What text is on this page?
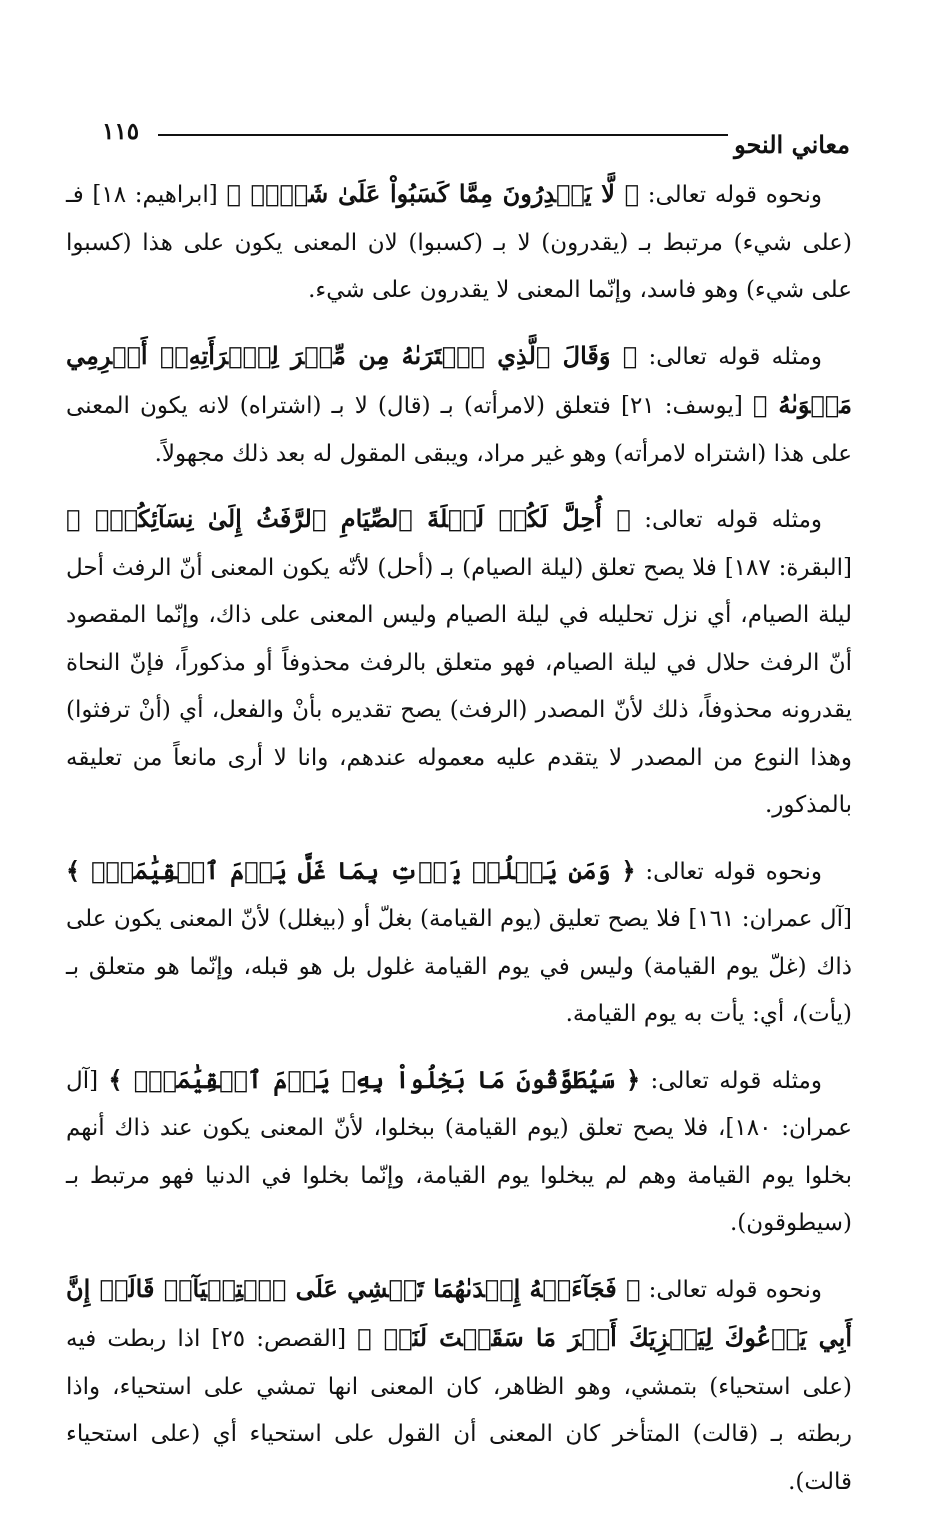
١١٥	معاني النحو

ونحوه قوله تعالى: ﴿ لَّا يَقۡدِرُونَ مِمَّا كَسَبُواْ عَلَىٰ شَيۡءٖ ﴾ [ابراهيم: ١٨] فـ (على شيء) مرتبط بـ (يقدرون) لا بـ (كسبوا) لان المعنى يكون على هذا (كسبوا على شيء) وهو فاسد، وإنّما المعنى لا يقدرون على شيء.

ومثله قوله تعالى: ﴿ وَقَالَ ٱلَّذِي ٱشۡتَرَىٰهُ مِن مِّصۡرَ لِٱمۡرَأَتِهِۦٓ أَكۡرِمِي مَثۡوَىٰهُ ﴾ [يوسف: ٢١] فتعلق (لامرأته) بـ (قال) لا بـ (اشتراه) لانه يكون المعنى على هذا (اشتراه لامرأته) وهو غير مراد، ويبقى المقول له بعد ذلك مجهولاً.

ومثله قوله تعالى: ﴿ أُحِلَّ لَكُمۡ لَيۡلَةَ ٱلصِّيَامِ ٱلرَّفَثُ إِلَىٰ نِسَآئِكُمۡۚ ﴾ [البقرة: ١٨٧] فلا يصح تعلق (ليلة الصيام) بـ (أحل) لأنّه يكون المعنى أنّ الرفث أحل ليلة الصيام، أي نزل تحليله في ليلة الصيام وليس المعنى على ذاك، وإنّما المقصود أنّ الرفث حلال في ليلة الصيام، فهو متعلق بالرفث محذوفاً أو مذكوراً، فإنّ النحاة يقدرونه محذوفاً، ذلك لأنّ المصدر (الرفث) يصح تقديره بأنْ والفعل، أي (أنْ ترفثوا) وهذا النوع من المصدر لا يتقدم عليه معموله عندهم، وانا لا أرى مانعاً من تعليقه بالمذكور.

ونحوه قوله تعالى: ﴿ وَمَن يَغۡلُلۡ يَأۡتِ بِمَا غَلَّ يَوۡمَ ٱلۡقِيَٰمَةِۚ ﴾ [آل عمران: ١٦١] فلا يصح تعليق (يوم القيامة) بغلّ أو (بيغلل) لأنّ المعنى يكون على ذاك (غلّ يوم القيامة) وليس في يوم القيامة غلول بل هو قبله، وإنّما هو متعلق بـ (يأت)، أي: يأت به يوم القيامة.

ومثله قوله تعالى: ﴿ سَيُطَوَّقُونَ مَا بَخِلُواْ بِهِۦ يَوۡمَ ٱلۡقِيَٰمَةِۗ ﴾ [آل عمران: ١٨٠]، فلا يصح تعلق (يوم القيامة) ببخلوا، لأنّ المعنى يكون عند ذاك أنهم بخلوا يوم القيامة وهم لم يبخلوا يوم القيامة، وإنّما بخلوا في الدنيا فهو مرتبط بـ (سيطوقون).

ونحوه قوله تعالى: ﴿ فَجَآءَتۡهُ إِحۡدَىٰهُمَا تَمۡشِي عَلَى ٱسۡتِحۡيَآءٖ قَالَتۡ إِنَّ أَبِي يَدۡعُوكَ لِيَجۡزِيَكَ أَجۡرَ مَا سَقَيۡتَ لَنَاۚ ﴾ [القصص: ٢٥] اذا ربطت فيه (على استحياء) بتمشي، وهو الظاهر، كان المعنى انها تمشي على استحياء، واذا ربطته بـ (قالت) المتأخر كان المعنى أن القول على استحياء أي (على استحياء قالت).
